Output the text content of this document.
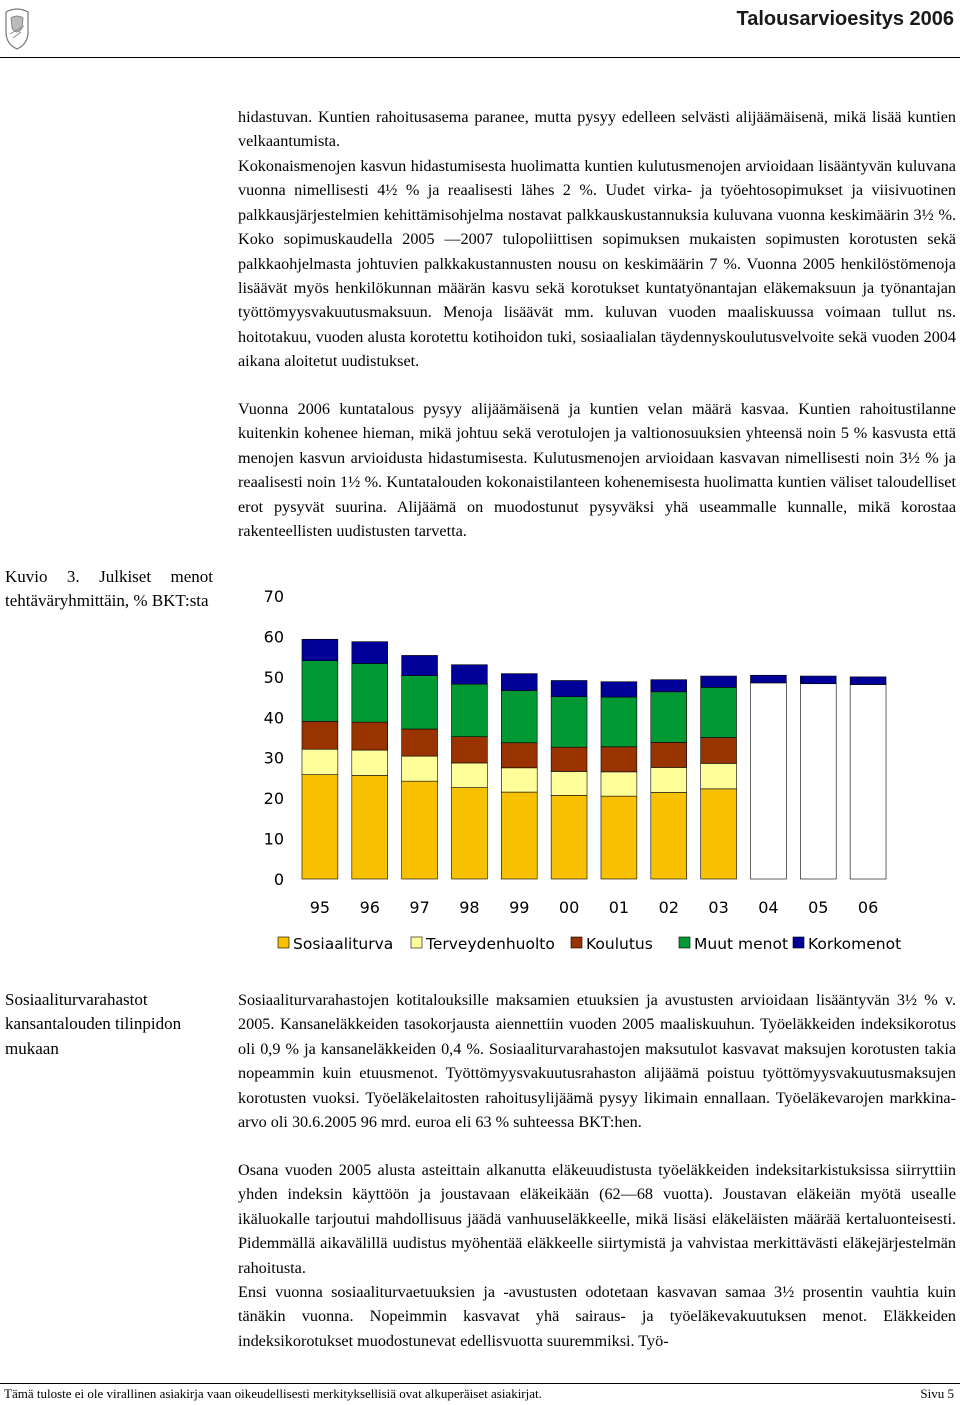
Talousarvioesitys 2006

hidastuvan. Kuntien rahoitusasema paranee, mutta pysyy edelleen selvästi alijäämäisenä, mikä lisää kuntien velkaantumista.

Kokonaismenojen kasvun hidastumisesta huolimatta kuntien kulutusmenojen arvioidaan lisääntyvän kuluvana vuonna nimellisesti 4½ % ja reaalisesti lähes 2 %. Uudet virka- ja työehtosopimukset ja viisivuotinen palkkausjärjestelmien kehittämisohjelma nostavat palkkauskustannuksia kuluvana vuonna keskimäärin 3½ %. Koko sopimuskaudella 2005 —2007 tulopoliittisen sopimuksen mukaisten sopimusten korotusten sekä palkkaohjelmasta johtuvien palkkakustannusten nousu on keskimäärin 7 %. Vuonna 2005 henkilöstömenoja lisäävät myös henkilökunnan määrän kasvu sekä korotukset kuntatyönantajan eläkemaksuun ja työnantajan työttömyysvakuutusmaksuun. Menoja lisäävät mm. kuluvan vuoden maaliskuussa voimaan tullut ns. hoitotakuu, vuoden alusta korotettu kotihoidon tuki, sosiaalialan täydennyskoulutusvelvoite sekä vuoden 2004 aikana aloitetut uudistukset.

Vuonna 2006 kuntatalous pysyy alijäämäisenä ja kuntien velan määrä kasvaa. Kuntien rahoitustilanne kuitenkin kohenee hieman, mikä johtuu sekä verotulojen ja valtionosuuksien yhteensä noin 5 % kasvusta että menojen kasvun arvioidusta hidastumisesta. Kulutusmenojen arvioidaan kasvavan nimellisesti noin 3½ % ja reaalisesti noin 1½ %. Kuntatalouden kokonaistilanteen kohenemisesta huolimatta kuntien väliset taloudelliset erot pysyvät suurina. Alijäämä on muodostunut pysyväksi yhä useammalle kunnalle, mikä korostaa rakenteellisten uudistusten tarvetta.

Kuvio 3. Julkiset menot tehtäväryhmittäin, % BKT:sta

0
10
20
30
40
50
60
70
95 96 97 98 99 00 01 02 03 04 05 06
Sosiaaliturva Terveydenhuolto Koulutus	Muut menot Korkomenot

Sosiaaliturvarahastot kansantalouden tilinpidon mukaan

Sosiaaliturvarahastojen kotitalouksille maksamien etuuksien ja avustusten arvioidaan lisääntyvän 3½ % v. 2005. Kansaneläkkeiden tasokorjausta aiennettiin vuoden 2005 maaliskuuhun. Työeläkkeiden indeksikorotus oli 0,9 % ja kansaneläkkeiden 0,4 %. Sosiaaliturvarahastojen maksutulot kasvavat maksujen korotusten takia nopeammin kuin etuusmenot. Työttömyysvakuutusrahaston alijäämä poistuu työttömyysvakuutusmaksujen korotusten vuoksi. Työeläkelaitosten rahoitusylijäämä pysyy likimain ennallaan. Työeläkevarojen markkina-arvo oli 30.6.2005 96 mrd. euroa eli 63 % suhteessa BKT:hen.

Osana vuoden 2005 alusta asteittain alkanutta eläkeuudistusta työeläkkeiden indeksitarkistuksissa siirryttiin yhden indeksin käyttöön ja joustavaan eläkeikään (62—68 vuotta). Joustavan eläkeiän myötä usealle ikäluokalle tarjoutui mahdollisuus jäädä vanhuuseläkkeelle, mikä lisäsi eläkeläisten määrää kertaluonteisesti. Pidemmällä aikavälillä uudistus myöhentää eläkkeelle siirtymistä ja vahvistaa merkittävästi eläkejärjestelmän rahoitusta.

Ensi vuonna sosiaaliturvaetuuksien ja -avustusten odotetaan kasvavan samaa 3½ prosentin vauhtia kuin tänäkin vuonna. Nopeimmin kasvavat yhä sairaus- ja työeläkevakuutuksen menot. Eläkkeiden indeksikorotukset muodostunevat edellisvuotta suuremmiksi. Työ-

Tämä tuloste ei ole virallinen asiakirja vaan oikeudellisesti merkityksellisiä ovat alkuperäiset asiakirjat.	Sivu 5
